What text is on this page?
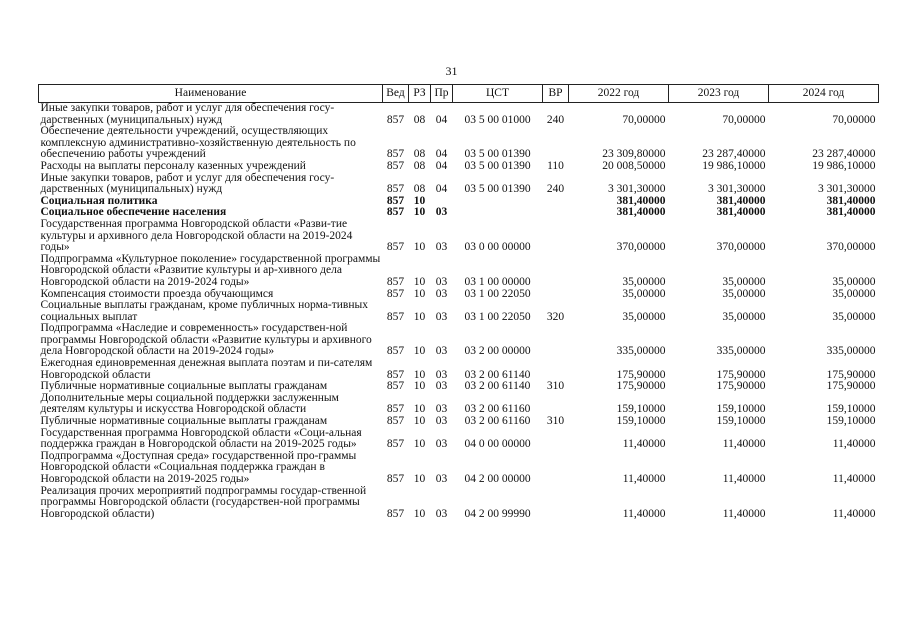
31
Наименование	Вед	РЗ	Пр	ЦСТ	ВР	2022 год	2023 год	2024 год
Иные закупки товаров, работ и услуг для обеспечения госу-дарственных (муниципальных) нужд	857	08	04	03 5 00 01000	240	70,00000	70,00000	70,00000
Обеспечение деятельности учреждений, осуществляющих комплексную административно-хозяйственную деятельность по обеспечению работы учреждений	857	08	04	03 5 00 01390		23 309,80000	23 287,40000	23 287,40000
Расходы на выплаты персоналу казенных учреждений	857	08	04	03 5 00 01390	110	20 008,50000	19 986,10000	19 986,10000
Иные закупки товаров, работ и услуг для обеспечения госу-дарственных (муниципальных) нужд	857	08	04	03 5 00 01390	240	3 301,30000	3 301,30000	3 301,30000
Социальная политика	857	10				381,40000	381,40000	381,40000
Социальное обеспечение населения	857	10	03			381,40000	381,40000	381,40000
Государственная программа Новгородской области «Разви-тие культуры и архивного дела Новгородской области на 2019-2024 годы»	857	10	03	03 0 00 00000		370,00000	370,00000	370,00000
Подпрограмма «Культурное поколение» государственной программы Новгородской области «Развитие культуры и ар-хивного дела Новгородской области на 2019-2024 годы»	857	10	03	03 1 00 00000		35,00000	35,00000	35,00000
Компенсация стоимости проезда обучающимся	857	10	03	03 1 00 22050		35,00000	35,00000	35,00000
Социальные выплаты гражданам, кроме публичных норма-тивных социальных выплат	857	10	03	03 1 00 22050	320	35,00000	35,00000	35,00000
Подпрограмма «Наследие и современность» государствен-ной программы Новгородской области «Развитие культуры и архивного дела Новгородской области на 2019-2024 годы»	857	10	03	03 2 00 00000		335,00000	335,00000	335,00000
Ежегодная единовременная денежная выплата поэтам и пи-сателям Новгородской области	857	10	03	03 2 00 61140		175,90000	175,90000	175,90000
Публичные нормативные социальные выплаты гражданам	857	10	03	03 2 00 61140	310	175,90000	175,90000	175,90000
Дополнительные меры социальной поддержки заслуженным деятелям культуры и искусства Новгородской области	857	10	03	03 2 00 61160		159,10000	159,10000	159,10000
Публичные нормативные социальные выплаты гражданам	857	10	03	03 2 00 61160	310	159,10000	159,10000	159,10000
Государственная программа Новгородской области «Соци-альная поддержка граждан в Новгородской области на 2019-2025 годы»	857	10	03	04 0 00 00000		11,40000	11,40000	11,40000
Подпрограмма «Доступная среда» государственной про-граммы Новгородской области «Социальная поддержка граждан в Новгородской области на 2019-2025 годы»	857	10	03	04 2 00 00000		11,40000	11,40000	11,40000
Реализация прочих мероприятий подпрограммы государ-ственной программы Новгородской области (государствен-ной программы Новгородской области)	857	10	03	04 2 00 99990		11,40000	11,40000	11,40000
